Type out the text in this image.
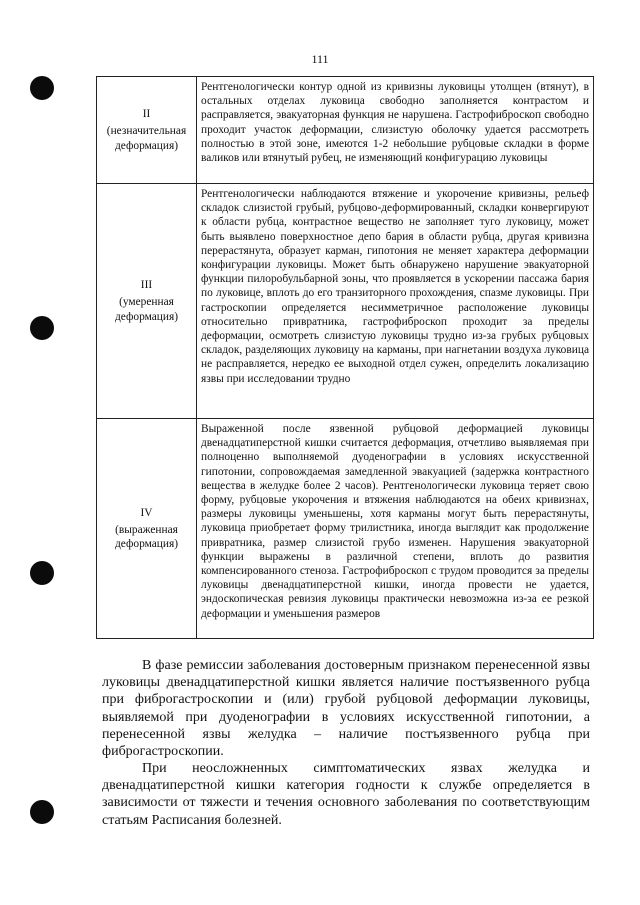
111
II
(незначительная деформация)	Рентгенологически контур одной из кривизны луковицы утолщен (втянут), в остальных отделах луковица свободно заполняется контрастом и расправляется, эвакуаторная функция не нарушена. Гастрофиброскоп свободно проходит участок деформации, слизистую оболочку удается рассмотреть полностью в этой зоне, имеются 1-2 небольшие рубцовые складки в форме валиков или втянутый рубец, не изменяющий конфигурацию луковицы

III
(умеренная деформация)	Рентгенологически наблюдаются втяжение и укорочение кривизны, рельеф складок слизистой грубый, рубцово-деформированный, складки конвергируют к области рубца, контрастное вещество не заполняет туго луковицу, может быть выявлено поверхностное депо бария в области рубца, другая кривизна перерастянута, образует карман, гипотония не меняет характера деформации конфигурации луковицы. Может быть обнаружено нарушение эвакуаторной функции пилоробульбарной зоны, что проявляется в ускорении пассажа бария по луковице, вплоть до его транзиторного прохождения, спазме луковицы. При гастроскопии определяется несимметричное расположение луковицы относительно привратника, гастрофиброскоп проходит за пределы деформации, осмотреть слизистую луковицы трудно из-за грубых рубцовых складок, разделяющих луковицу на карманы, при нагнетании воздуха луковица не расправляется, нередко ее выходной отдел сужен, определить локализацию язвы при исследовании трудно

IV
(выраженная деформация)	Выраженной после язвенной рубцовой деформацией луковицы двенадцатиперстной кишки считается деформация, отчетливо выявляемая при полноценно выполняемой дуоденографии в условиях искусственной гипотонии, сопровождаемая замедленной эвакуацией (задержка контрастного вещества в желудке более 2 часов). Рентгенологически луковица теряет свою форму, рубцовые укорочения и втяжения наблюдаются на обеих кривизнах, размеры луковицы уменьшены, хотя карманы могут быть перерастянуты, луковица приобретает форму трилистника, иногда выглядит как продолжение привратника, размер слизистой грубо изменен. Нарушения эвакуаторной функции выражены в различной степени, вплоть до развития компенсированного стеноза. Гастрофиброскоп с трудом проводится за пределы луковицы двенадцатиперстной кишки, иногда провести не удается, эндоскопическая ревизия луковицы практически невозможна из-за ее резкой деформации и уменьшения размеров

В фазе ремиссии заболевания достоверным признаком перенесенной язвы луковицы двенадцатиперстной кишки является наличие постъязвенного рубца при фиброгастроскопии и (или) грубой рубцовой деформации луковицы, выявляемой при дуоденографии в условиях искусственной гипотонии, а перенесенной язвы желудка – наличие постъязвенного рубца при фиброгастроскопии.

При неосложненных симптоматических язвах желудка и двенадцатиперстной кишки категория годности к службе определяется в зависимости от тяжести и течения основного заболевания по соответствующим статьям Расписания болезней.
